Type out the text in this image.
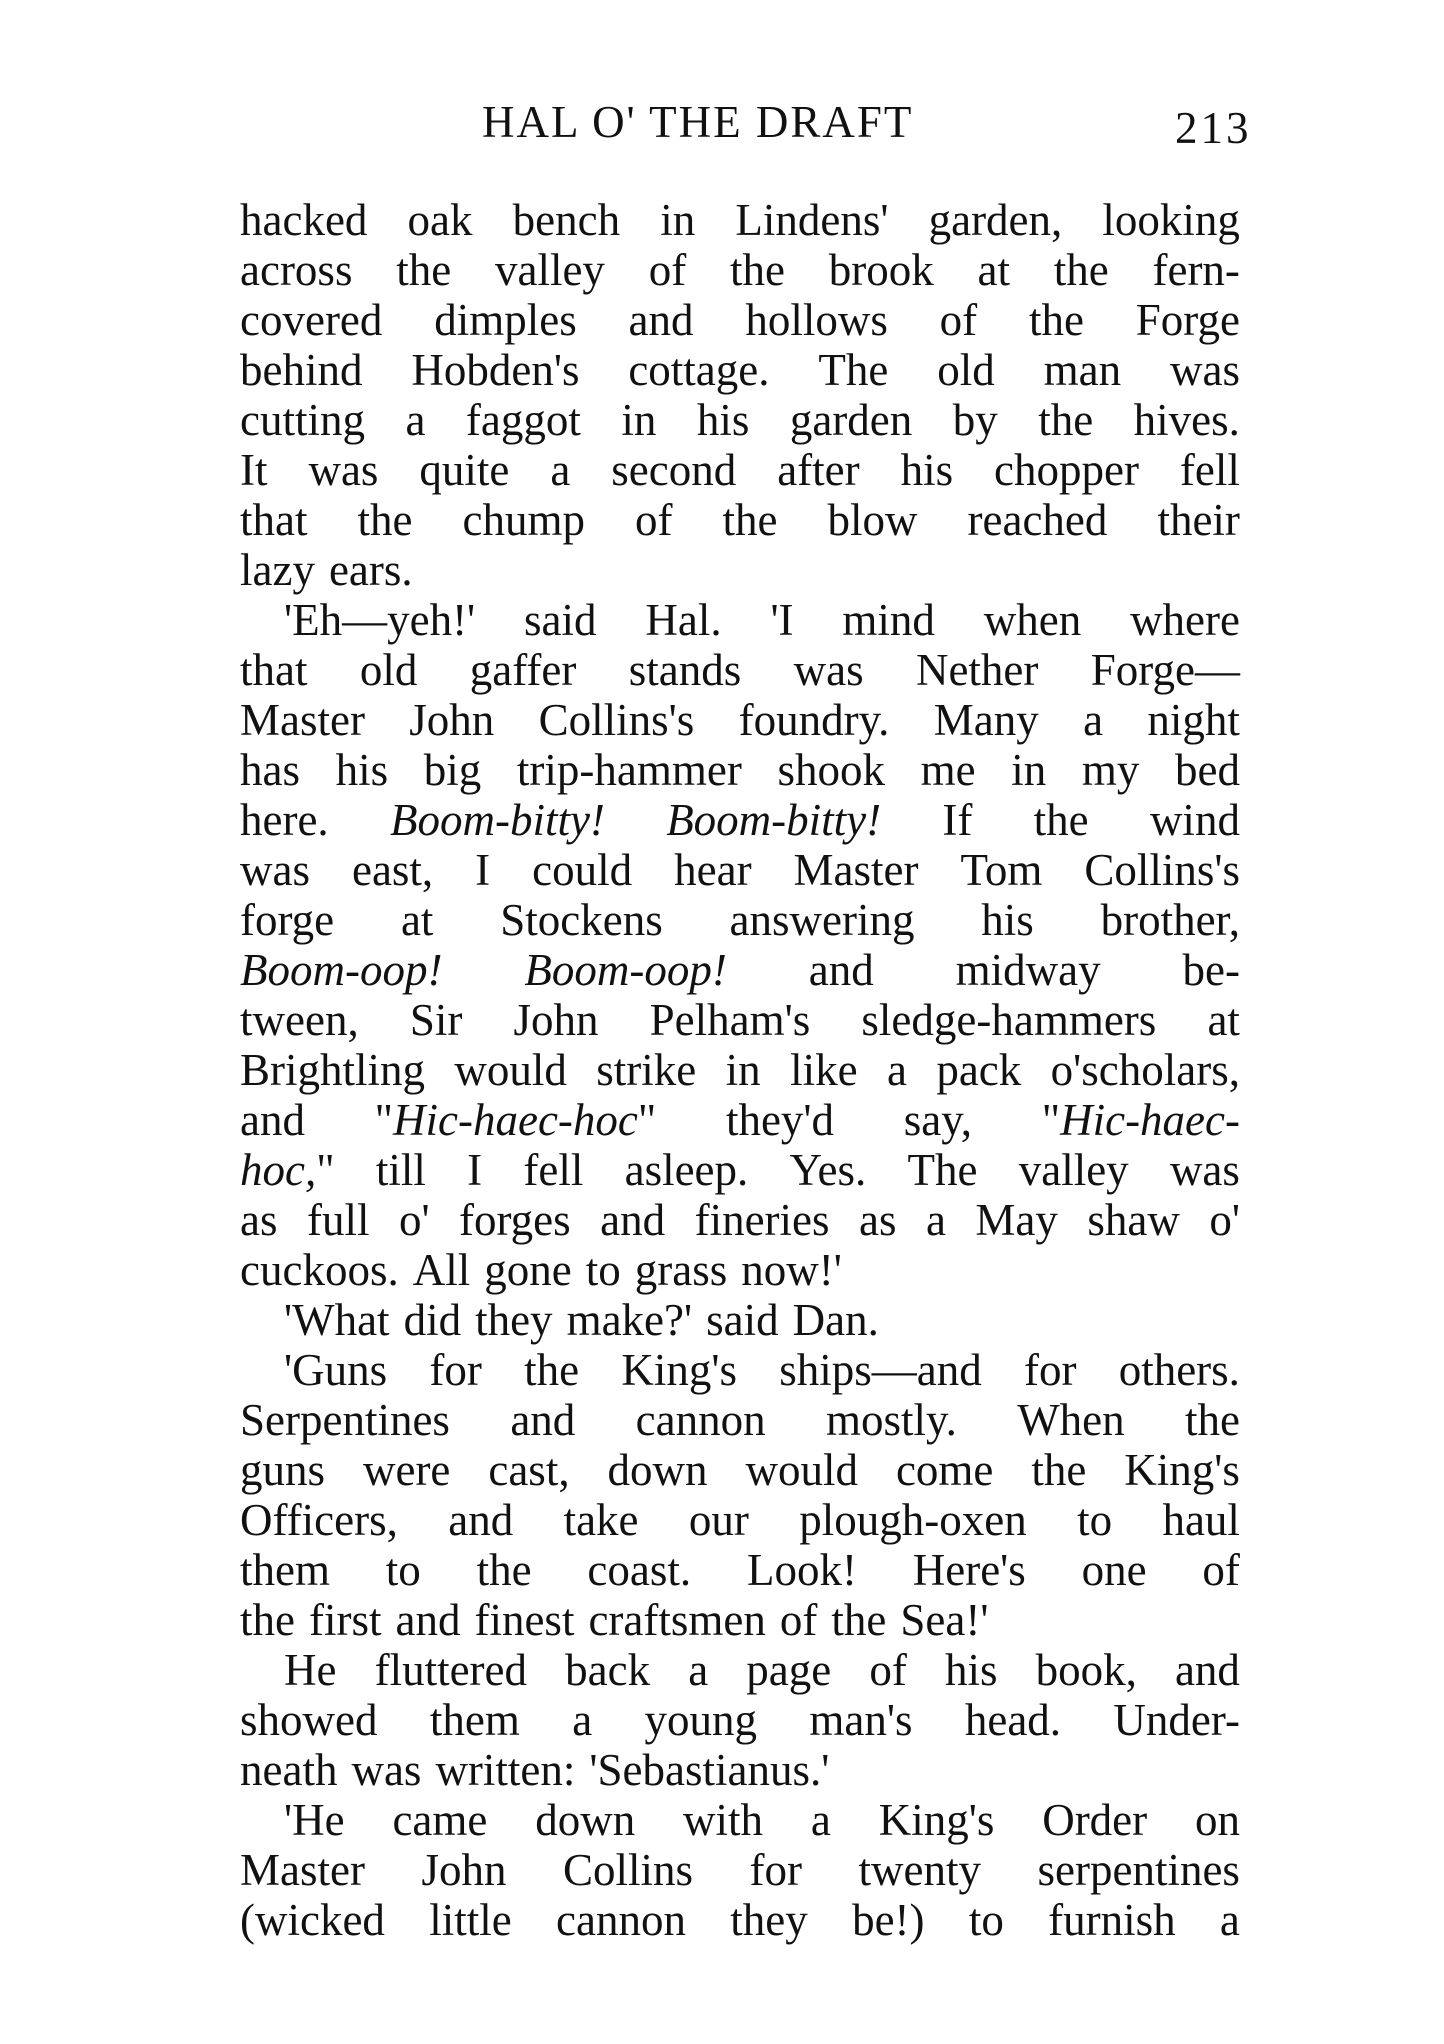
HAL O' THE DRAFT	213
hacked oak bench in Lindens' garden, looking
across the valley of the brook at the fern-
covered dimples and hollows of the Forge
behind Hobden's cottage. The old man was
cutting a faggot in his garden by the hives.
It was quite a second after his chopper fell
that the chump of the blow reached their
lazy ears.
'Eh—yeh!' said Hal. 'I mind when where
that old gaffer stands was Nether Forge—
Master John Collins's foundry. Many a night
has his big trip-hammer shook me in my bed
here. Boom-bitty! Boom-bitty! If the wind
was east, I could hear Master Tom Collins's
forge at Stockens answering his brother,
Boom-oop! Boom-oop! and midway be-
tween, Sir John Pelham's sledge-hammers at
Brightling would strike in like a pack o'scholars,
and "Hic-haec-hoc" they'd say, "Hic-haec-
hoc," till I fell asleep. Yes. The valley was
as full o' forges and fineries as a May shaw o'
cuckoos. All gone to grass now!'
'What did they make?' said Dan.
'Guns for the King's ships—and for others.
Serpentines and cannon mostly. When the
guns were cast, down would come the King's
Officers, and take our plough-oxen to haul
them to the coast. Look! Here's one of
the first and finest craftsmen of the Sea!'
He fluttered back a page of his book, and
showed them a young man's head. Under-
neath was written: 'Sebastianus.'
'He came down with a King's Order on
Master John Collins for twenty serpentines
(wicked little cannon they be!) to furnish a
